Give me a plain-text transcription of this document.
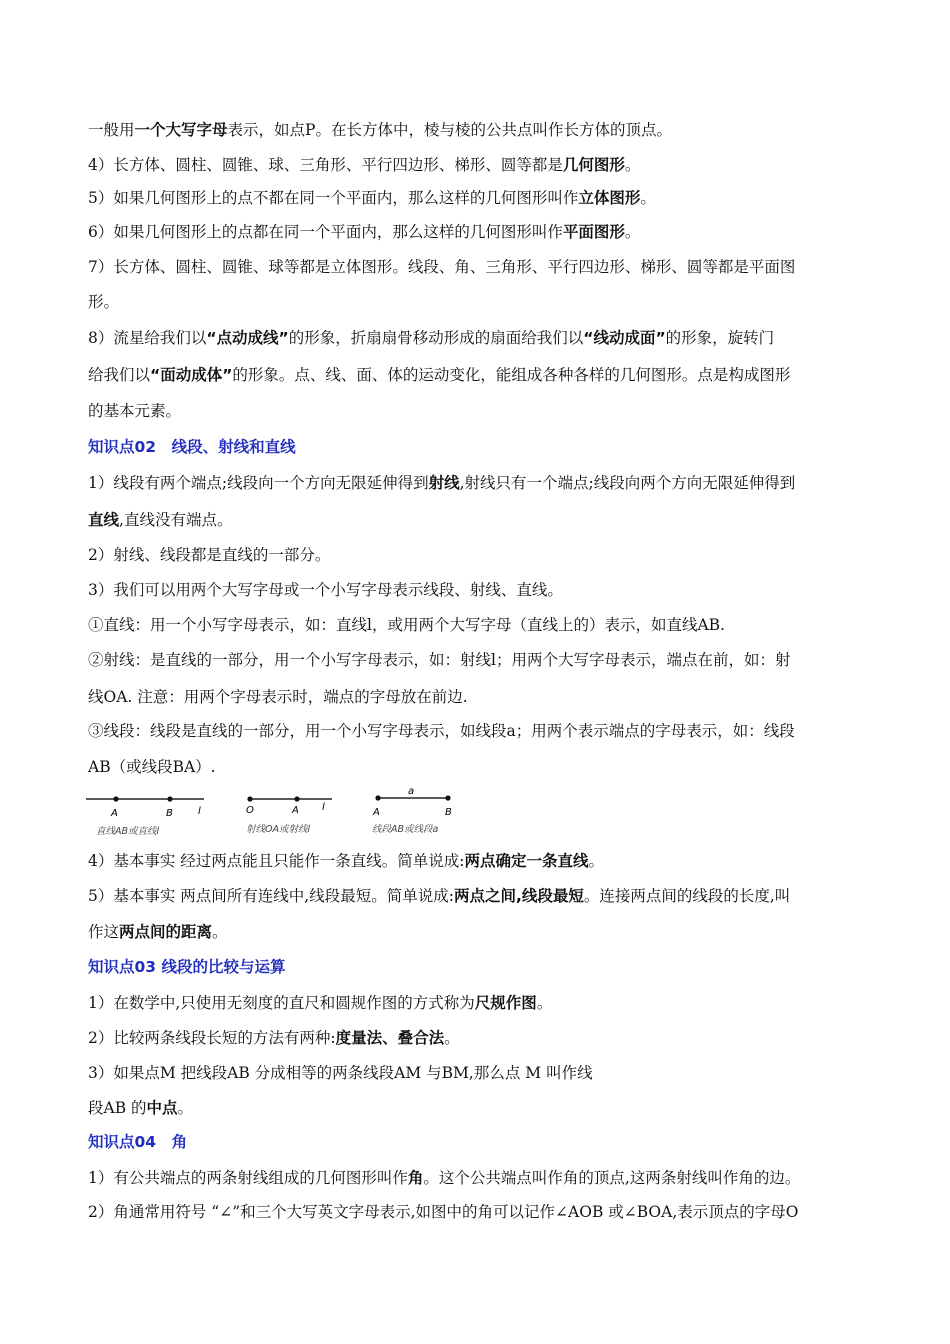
一般用一个大写字母表示，如点P。在长方体中，棱与棱的公共点叫作长方体的顶点。
4）长方体、圆柱、圆锥、球、三角形、平行四边形、梯形、圆等都是几何图形。
5）如果几何图形上的点不都在同一个平面内，那么这样的几何图形叫作立体图形。
6）如果几何图形上的点都在同一个平面内，那么这样的几何图形叫作平面图形。
7）长方体、圆柱、圆锥、球等都是立体图形。线段、角、三角形、平行四边形、梯形、圆等都是平面图
形。
8）流星给我们以“点动成线”的形象，折扇扇骨移动形成的扇面给我们以“线动成面”的形象，旋转门
给我们以“面动成体”的形象。点、线、面、体的运动变化，能组成各种各样的几何图形。点是构成图形
的基本元素。
知识点02　线段、射线和直线
1）线段有两个端点;线段向一个方向无限延伸得到射线,射线只有一个端点;线段向两个方向无限延伸得到
直线,直线没有端点。
2）射线、线段都是直线的一部分。
3）我们可以用两个大写字母或一个小写字母表示线段、射线、直线。
①直线：用一个小写字母表示，如：直线l，或用两个大写字母（直线上的）表示，如直线AB.
②射线：是直线的一部分，用一个小写字母表示，如：射线l；用两个大写字母表示，端点在前，如：射
线OA. 注意：用两个字母表示时，端点的字母放在前边.
③线段：线段是直线的一部分，用一个小写字母表示，如线段a；用两个表示端点的字母表示，如：线段
AB（或线段BA）.
A	B	l
直线AB或直线l
O	A l
射线OA或射线l
a
A	B
线段AB或线段a
4）基本事实 经过两点能且只能作一条直线。简单说成:两点确定一条直线。
5）基本事实 两点间所有连线中,线段最短。简单说成:两点之间,线段最短。连接两点间的线段的长度,叫
作这两点间的距离。
知识点03 线段的比较与运算
1）在数学中,只使用无刻度的直尺和圆规作图的方式称为尺规作图。
2）比较两条线段长短的方法有两种:度量法、叠合法。
3）如果点M 把线段AB 分成相等的两条线段AM 与BM,那么点 M 叫作线
段AB 的中点。
知识点04　角
1）有公共端点的两条射线组成的几何图形叫作角。这个公共端点叫作角的顶点,这两条射线叫作角的边。
2）角通常用符号 “∠”和三个大写英文字母表示,如图中的角可以记作∠AOB 或∠BOA,表示顶点的字母O
